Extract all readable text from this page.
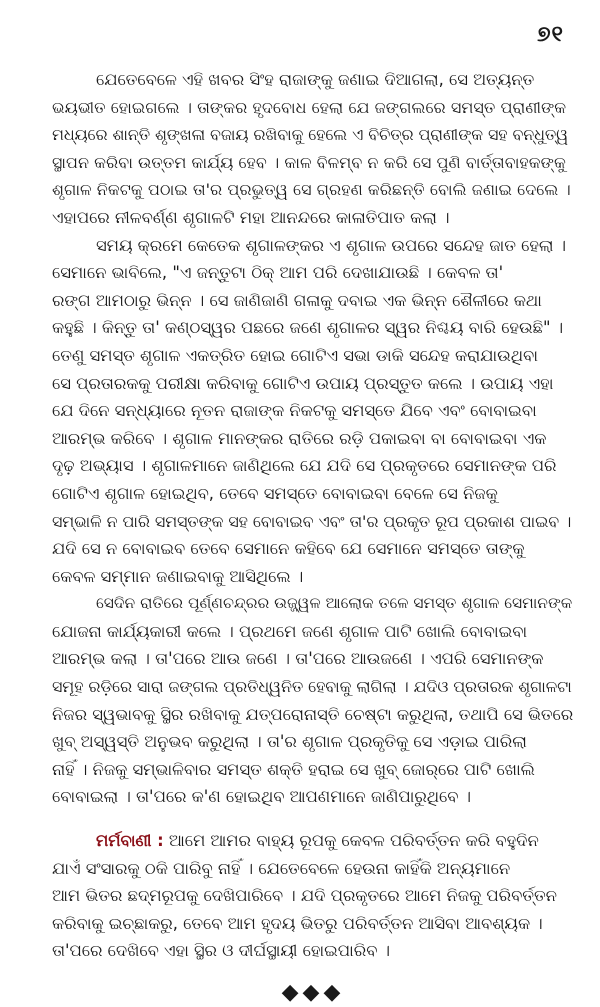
୭୧

ଯେତେବେଳେ ଏହି ଖବର ସିଂହ ରାଜାଙ୍କୁ ଜଣାଇ ଦିଆଗଲା, ସେ ଅତ୍ୟନ୍ତ
ଭୟଭୀତ ହୋଇଗଲେ । ତାଙ୍କର ହୃଦବୋଧ ହେଲା ଯେ ଜଙ୍ଗଲରେ ସମସ୍ତ ପ୍ରାଣୀଙ୍କ
ମଧ୍ୟରେ ଶାନ୍ତି ଶୃଙ୍ଖଳା ବଜାୟ ରଖିବାକୁ ହେଲେ ଏ ବିଚିତ୍ର ପ୍ରାଣୀଙ୍କ ସହ ବନ୍ଧୁତ୍ୱ
ସ୍ଥାପନ କରିବା ଉତ୍ତମ କାର୍ଯ୍ୟ ହେବ । କାଳ ବିଳମ୍ବ ନ କରି ସେ ପୁଣି ବାର୍ତ୍ତାବାହକଙ୍କୁ
ଶୃଗାଳ ନିକଟକୁ ପଠାଇ ତା'ର ପ୍ରଭୁତ୍ୱ ସେ ଗ୍ରହଣ କରିଛନ୍ତି ବୋଲି ଜଣାଇ ଦେଲେ ।
ଏହାପରେ ନୀଳବର୍ଣ୍ଣ ଶୃଗାଳଟି ମହା ଆନନ୍ଦରେ କାଳାତିପାତ କଲା ।

ସମୟ କ୍ରମେ କେତେକ ଶୃଗାଳଙ୍କର ଏ ଶୃଗାଳ ଉପରେ ସନ୍ଦେହ ଜାତ ହେଲା ।
ସେମାନେ ଭାବିଲେ, "ଏ ଜନ୍ତୁଟା ଠିକ୍ ଆମ ପରି ଦେଖାଯାଉଛି । କେବଳ ତା'
ରଙ୍ଗ ଆମଠାରୁ ଭିନ୍ନ । ସେ ଜାଣିଜାଣି ଗଳାକୁ ଦବାଇ ଏକ ଭିନ୍ନ ଶୈଳୀରେ କଥା
କହୁଛି । କିନ୍ତୁ ତା' କଣ୍ଠସ୍ୱର ପଛରେ ଜଣେ ଶୃଗାଳର ସ୍ୱର ନିଶ୍ଚୟ ବାରି ହେଉଛି" ।
ତେଣୁ ସମସ୍ତ ଶୃଗାଳ ଏକତ୍ରିତ ହୋଇ ଗୋଟିଏ ସଭା ଡାକି ସନ୍ଦେହ କରାଯାଉଥିବା
ସେ ପ୍ରତାରକକୁ ପରୀକ୍ଷା କରିବାକୁ ଗୋଟିଏ ଉପାୟ ପ୍ରସ୍ତୁତ କଲେ । ଉପାୟ ଏହା
ଯେ ଦିନେ ସନ୍ଧ୍ୟାରେ ନୂତନ ରାଜାଙ୍କ ନିକଟକୁ ସମସ୍ତେ ଯିବେ ଏବଂ ବୋବାଇବା
ଆରମ୍ଭ କରିବେ । ଶୃଗାଳ ମାନଙ୍କର ରାତିରେ ରଡ଼ି ପକାଇବା ବା ବୋବାଇବା ଏକ
ଦୃଢ଼ ଅଭ୍ୟାସ । ଶୃଗାଳମାନେ ଜାଣିଥିଲେ ଯେ ଯଦି ସେ ପ୍ରକୃତରେ ସେମାନଙ୍କ ପରି
ଗୋଟିଏ ଶୃଗାଳ ହୋଇଥିବ, ତେବେ ସମସ୍ତେ ବୋବାଇବା ବେଳେ ସେ ନିଜକୁ
ସମ୍ଭାଳି ନ ପାରି ସମସ୍ତଙ୍କ ସହ ବୋବାଇବ ଏବଂ ତା'ର ପ୍ରକୃତ ରୂପ ପ୍ରକାଶ ପାଇବ ।
ଯଦି ସେ ନ ବୋବାଇବ ତେବେ ସେମାନେ କହିବେ ଯେ ସେମାନେ ସମସ୍ତେ ତାଙ୍କୁ
କେବଳ ସମ୍ମାନ ଜଣାଇବାକୁ ଆସିଥିଲେ ।

ସେଦିନ ରାତିରେ ପୂର୍ଣ୍ଣଚନ୍ଦ୍ରର ଉଜ୍ଜ୍ୱଳ ଆଲୋକ ତଳେ ସମସ୍ତ ଶୃଗାଳ ସେମାନଙ୍କ
ଯୋଜନା କାର୍ଯ୍ୟକାରୀ କଲେ । ପ୍ରଥମେ ଜଣେ ଶୃଗାଳ ପାଟି ଖୋଲି ବୋବାଇବା
ଆରମ୍ଭ କଲା । ତା'ପରେ ଆଉ ଜଣେ । ତା'ପରେ ଆଉଜଣେ । ଏପରି ସେମାନଙ୍କ
ସମୂହ ରଡ଼ିରେ ସାରା ଜଙ୍ଗଲ ପ୍ରତିଧ୍ୱନିତ ହେବାକୁ ଲାଗିଲା । ଯଦିଓ ପ୍ରତାରକ ଶୃଗାଳଟା
ନିଜର ସ୍ୱଭାବକୁ ସ୍ଥିର ରଖିବାକୁ ଯତ୍ପରୋନାସ୍ତି ଚେଷ୍ଟା କରୁଥିଲା, ତଥାପି ସେ ଭିତରେ
ଖୁବ୍ ଅସ୍ୱସ୍ତି ଅନୁଭବ କରୁଥିଲା । ତା'ର ଶୃଗାଳ ପ୍ରକୃତିକୁ ସେ ଏଡ଼ାଇ ପାରିଲା
ନାହିଁ । ନିଜକୁ ସମ୍ଭାଳିବାର ସମସ୍ତ ଶକ୍ତି ହରାଇ ସେ ଖୁବ୍ ଜୋର୍‌ରେ ପାଟି ଖୋଲି
ବୋବାଇଲା । ତା'ପରେ କ'ଣ ହୋଇଥିବ ଆପଣମାନେ ଜାଣିପାରୁଥିବେ ।

ମର୍ମବାଣୀ : ଆମେ ଆମର ବାହ୍ୟ ରୂପକୁ କେବଳ ପରିବର୍ତ୍ତନ କରି ବହୁଦିନ
ଯାଏଁ ସଂସାରକୁ ଠକି ପାରିବୁ ନାହିଁ । ଯେତେବେଳେ ହେଉନା କାହିଁକି ଅନ୍ୟମାନେ
ଆମ ଭିତର ଛଦ୍ମରୂପକୁ ଦେଖିପାରିବେ । ଯଦି ପ୍ରକୃତରେ ଆମେ ନିଜକୁ ପରିବର୍ତ୍ତନ
କରିବାକୁ ଇଚ୍ଛାକରୁ, ତେବେ ଆମ ହୃଦୟ ଭିତରୁ ପରିବର୍ତ୍ତନ ଆସିବା ଆବଶ୍ୟକ ।
ତା'ପରେ ଦେଖିବେ ଏହା ସ୍ଥିର ଓ ଦୀର୍ଘସ୍ଥାୟୀ ହୋଇପାରିବ ।

◆◆◆
